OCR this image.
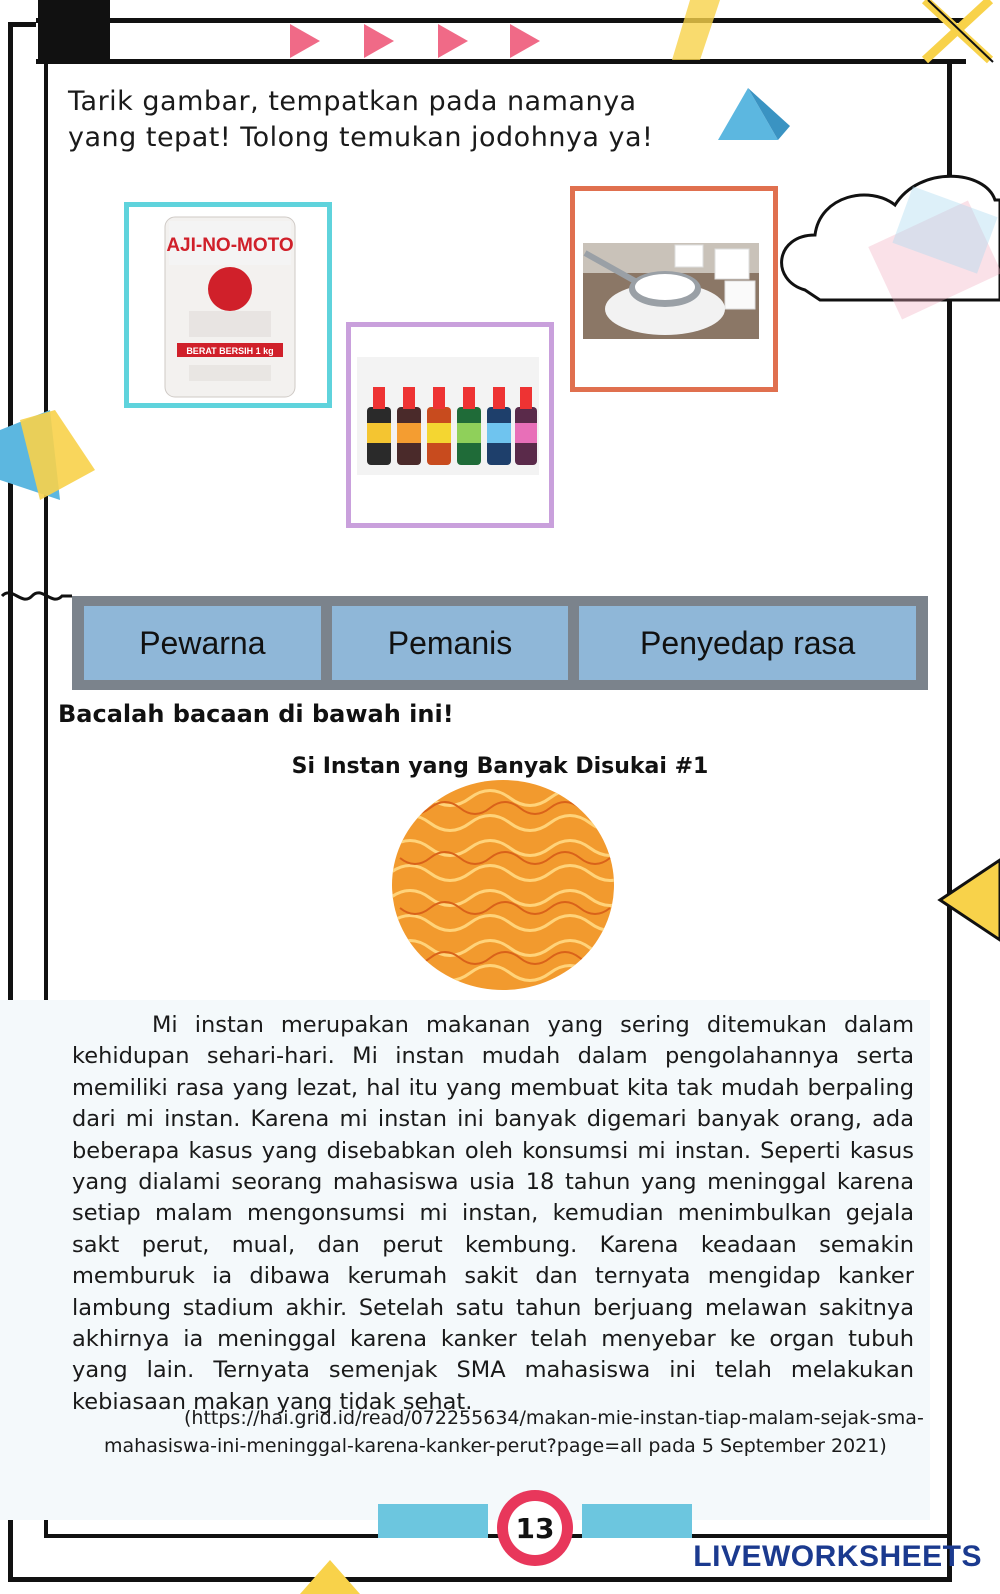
Tarik gambar, tempatkan pada namanya
yang tepat! Tolong temukan jodohnya ya!
AJI-NO-MOTO
BERAT BERSIH 1 kg
Pewarna	Pemanis	Penyedap rasa
Bacalah bacaan di bawah ini!
Si Instan yang Banyak Disukai #1
Mi instan merupakan makanan yang sering ditemukan dalam kehidupan sehari-hari. Mi instan mudah dalam pengolahannya serta memiliki rasa yang lezat, hal itu yang membuat kita tak mudah berpaling dari mi instan. Karena mi instan ini banyak digemari banyak orang, ada beberapa kasus yang disebabkan oleh konsumsi mi instan. Seperti kasus yang dialami seorang mahasiswa usia 18 tahun yang meninggal karena setiap malam mengonsumsi mi instan, kemudian menimbulkan gejala sakt perut, mual, dan perut kembung. Karena keadaan semakin memburuk ia dibawa kerumah sakit dan ternyata mengidap kanker lambung stadium akhir. Setelah satu tahun berjuang melawan sakitnya akhirnya ia meninggal karena kanker telah menyebar ke organ tubuh yang lain. Ternyata semenjak SMA mahasiswa ini telah melakukan kebiasaan makan yang tidak sehat.
(https://hai.grid.id/read/072255634/makan-mie-instan-tiap-malam-sejak-sma-mahasiswa-ini-meninggal-karena-kanker-perut?page=all pada 5 September 2021)
13
LIVEWORKSHEETS
